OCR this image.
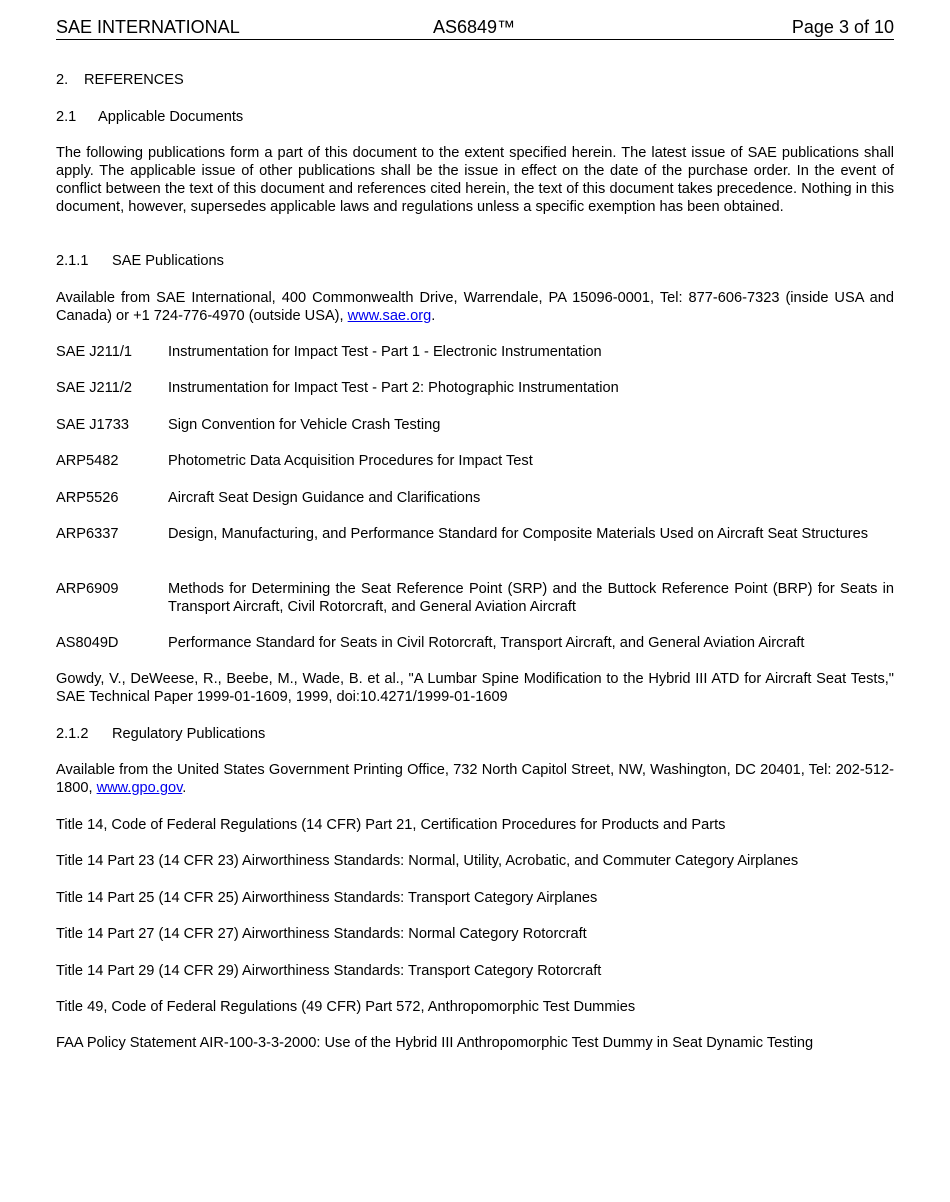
SAE INTERNATIONAL	AS6849™	Page 3 of 10
2. REFERENCES
2.1 Applicable Documents
The following publications form a part of this document to the extent specified herein. The latest issue of SAE publications shall apply. The applicable issue of other publications shall be the issue in effect on the date of the purchase order. In the event of conflict between the text of this document and references cited herein, the text of this document takes precedence. Nothing in this document, however, supersedes applicable laws and regulations unless a specific exemption has been obtained.
2.1.1 SAE Publications
Available from SAE International, 400 Commonwealth Drive, Warrendale, PA 15096-0001, Tel: 877-606-7323 (inside USA and Canada) or +1 724-776-4970 (outside USA), www.sae.org.
SAE J211/1 Instrumentation for Impact Test - Part 1 - Electronic Instrumentation
SAE J211/2 Instrumentation for Impact Test - Part 2: Photographic Instrumentation
SAE J1733	Sign Convention for Vehicle Crash Testing
ARP5482	Photometric Data Acquisition Procedures for Impact Test
ARP5526	Aircraft Seat Design Guidance and Clarifications
ARP6337	Design, Manufacturing, and Performance Standard for Composite Materials Used on Aircraft Seat Structures
ARP6909	Methods for Determining the Seat Reference Point (SRP) and the Buttock Reference Point (BRP) for Seats in Transport Aircraft, Civil Rotorcraft, and General Aviation Aircraft
AS8049D	Performance Standard for Seats in Civil Rotorcraft, Transport Aircraft, and General Aviation Aircraft
Gowdy, V., DeWeese, R., Beebe, M., Wade, B. et al., "A Lumbar Spine Modification to the Hybrid III ATD for Aircraft Seat Tests," SAE Technical Paper 1999-01-1609, 1999, doi:10.4271/1999-01-1609
2.1.2 Regulatory Publications
Available from the United States Government Printing Office, 732 North Capitol Street, NW, Washington, DC 20401, Tel: 202-512-1800, www.gpo.gov.
Title 14, Code of Federal Regulations (14 CFR) Part 21, Certification Procedures for Products and Parts
Title 14 Part 23 (14 CFR 23) Airworthiness Standards: Normal, Utility, Acrobatic, and Commuter Category Airplanes
Title 14 Part 25 (14 CFR 25) Airworthiness Standards: Transport Category Airplanes
Title 14 Part 27 (14 CFR 27) Airworthiness Standards: Normal Category Rotorcraft
Title 14 Part 29 (14 CFR 29) Airworthiness Standards: Transport Category Rotorcraft
Title 49, Code of Federal Regulations (49 CFR) Part 572, Anthropomorphic Test Dummies
FAA Policy Statement AIR-100-3-3-2000: Use of the Hybrid III Anthropomorphic Test Dummy in Seat Dynamic Testing
